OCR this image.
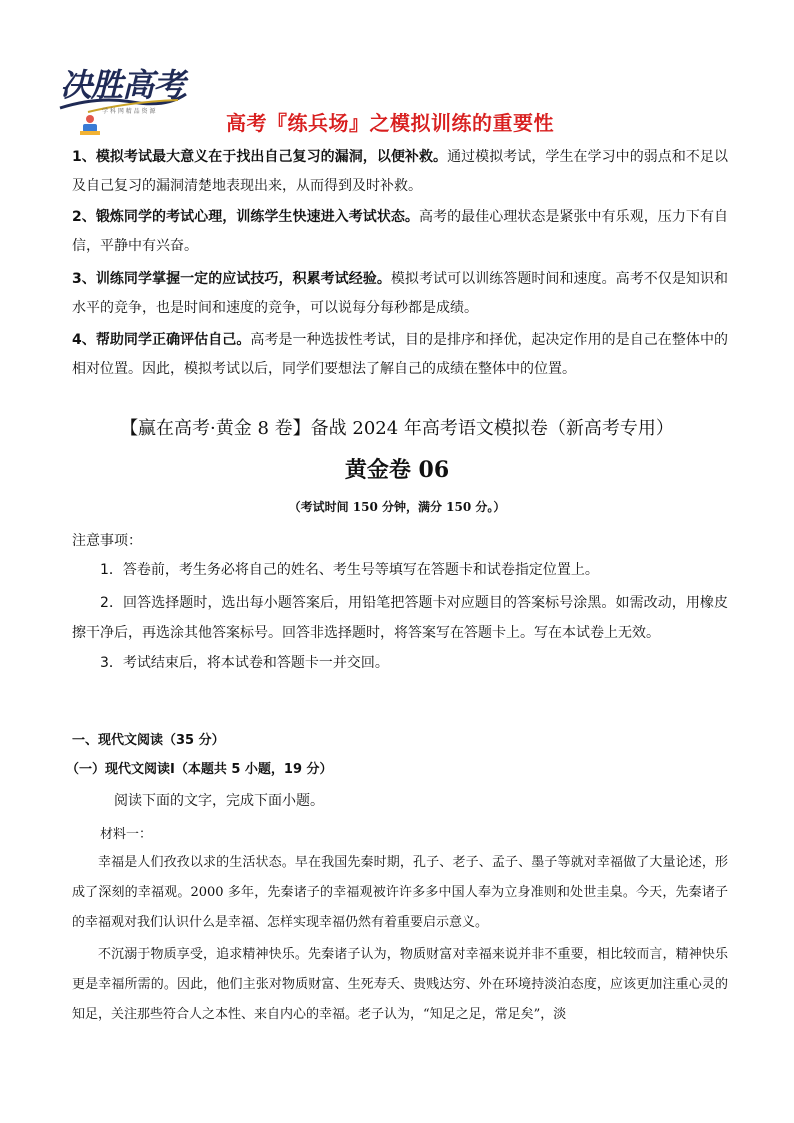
决胜高考
学 科 网 精 品 资 源	高考『练兵场』之模拟训练的重要性
1、模拟考试最大意义在于找出自己复习的漏洞，以便补救。通过模拟考试，学生在学习中的弱点和不足以及自己复习的漏洞清楚地表现出来，从而得到及时补救。
2、锻炼同学的考试心理，训练学生快速进入考试状态。高考的最佳心理状态是紧张中有乐观，压力下有自信，平静中有兴奋。
3、训练同学掌握一定的应试技巧，积累考试经验。模拟考试可以训练答题时间和速度。高考不仅是知识和水平的竞争，也是时间和速度的竞争，可以说每分每秒都是成绩。
4、帮助同学正确评估自己。高考是一种选拔性考试，目的是排序和择优，起决定作用的是自己在整体中的相对位置。因此，模拟考试以后，同学们要想法了解自己的成绩在整体中的位置。
【赢在高考·黄金 8 卷】备战 2024 年高考语文模拟卷（新高考专用）
黄金卷 06
（考试时间 150 分钟，满分 150 分。）
注意事项：
1．答卷前，考生务必将自己的姓名、考生号等填写在答题卡和试卷指定位置上。
2．回答选择题时，选出每小题答案后，用铅笔把答题卡对应题目的答案标号涂黑。如需改动，用橡皮擦干净后，再选涂其他答案标号。回答非选择题时，将答案写在答题卡上。写在本试卷上无效。
3．考试结束后，将本试卷和答题卡一并交回。
一、现代文阅读（35 分）
（一）现代文阅读Ⅰ（本题共 5 小题，19 分）
阅读下面的文字，完成下面小题。
材料一：
幸福是人们孜孜以求的生活状态。早在我国先秦时期，孔子、老子、孟子、墨子等就对幸福做了大量论述，形成了深刻的幸福观。2000 多年，先秦诸子的幸福观被许许多多中国人奉为立身准则和处世圭臬。今天，先秦诸子的幸福观对我们认识什么是幸福、怎样实现幸福仍然有着重要启示意义。
不沉溺于物质享受，追求精神快乐。先秦诸子认为，物质财富对幸福来说并非不重要，相比较而言，精神快乐更是幸福所需的。因此，他们主张对物质财富、生死寿夭、贵贱达穷、外在环境持淡泊态度，应该更加注重心灵的知足，关注那些符合人之本性、来自内心的幸福。老子认为，“知足之足，常足矣”，淡
